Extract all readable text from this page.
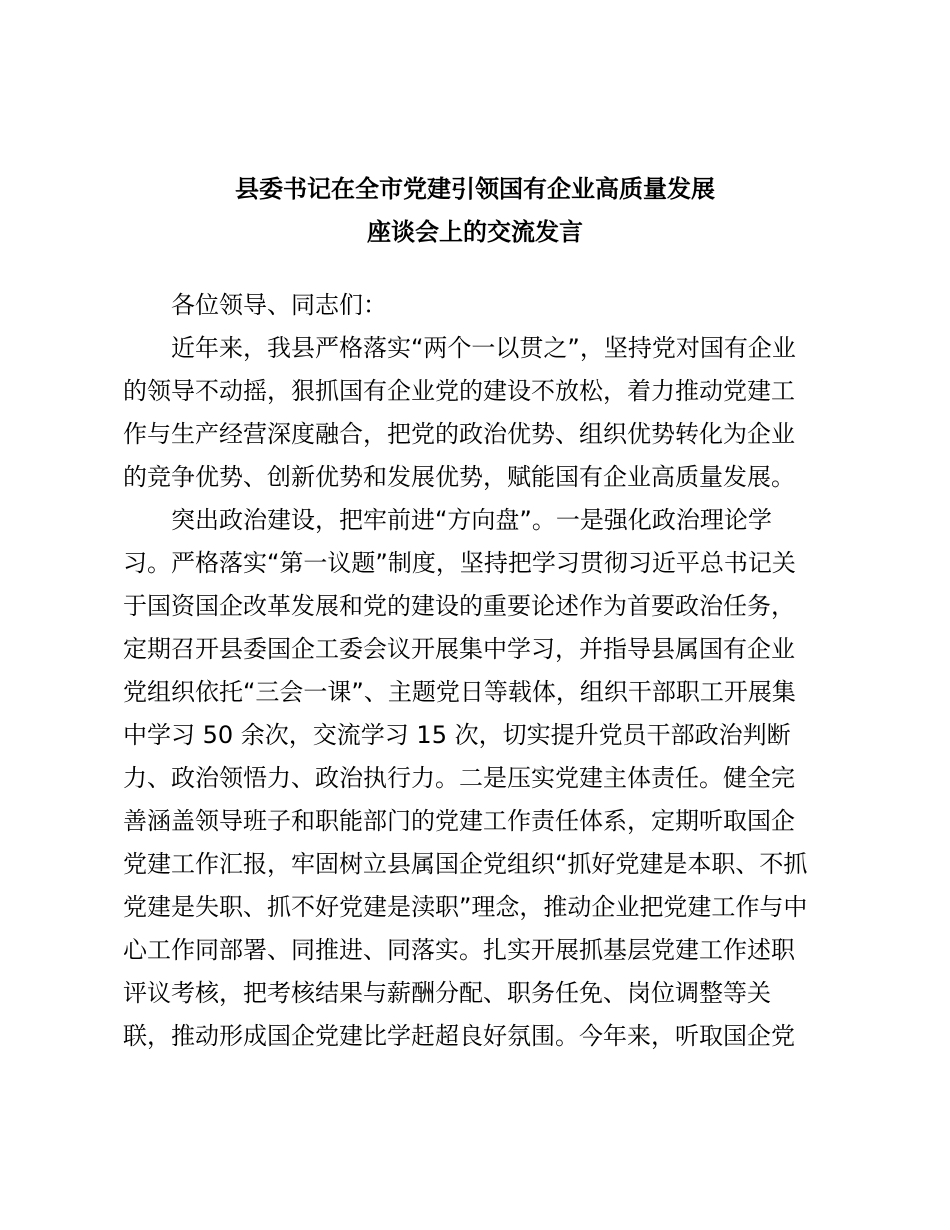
县委书记在全市党建引领国有企业高质量发展
座谈会上的交流发言
各位领导、同志们：
近年来，我县严格落实“两个一以贯之”，坚持党对国有企业
的领导不动摇，狠抓国有企业党的建设不放松，着力推动党建工
作与生产经营深度融合，把党的政治优势、组织优势转化为企业
的竞争优势、创新优势和发展优势，赋能国有企业高质量发展。
突出政治建设，把牢前进“方向盘”。一是强化政治理论学
习。严格落实“第一议题”制度，坚持把学习贯彻习近平总书记关
于国资国企改革发展和党的建设的重要论述作为首要政治任务，
定期召开县委国企工委会议开展集中学习，并指导县属国有企业
党组织依托“三会一课”、主题党日等载体，组织干部职工开展集
中学习 50 余次，交流学习 15 次，切实提升党员干部政治判断
力、政治领悟力、政治执行力。二是压实党建主体责任。健全完
善涵盖领导班子和职能部门的党建工作责任体系，定期听取国企
党建工作汇报，牢固树立县属国企党组织“抓好党建是本职、不抓
党建是失职、抓不好党建是渎职”理念，推动企业把党建工作与中
心工作同部署、同推进、同落实。扎实开展抓基层党建工作述职
评议考核，把考核结果与薪酬分配、职务任免、岗位调整等关
联，推动形成国企党建比学赶超良好氛围。今年来，听取国企党
